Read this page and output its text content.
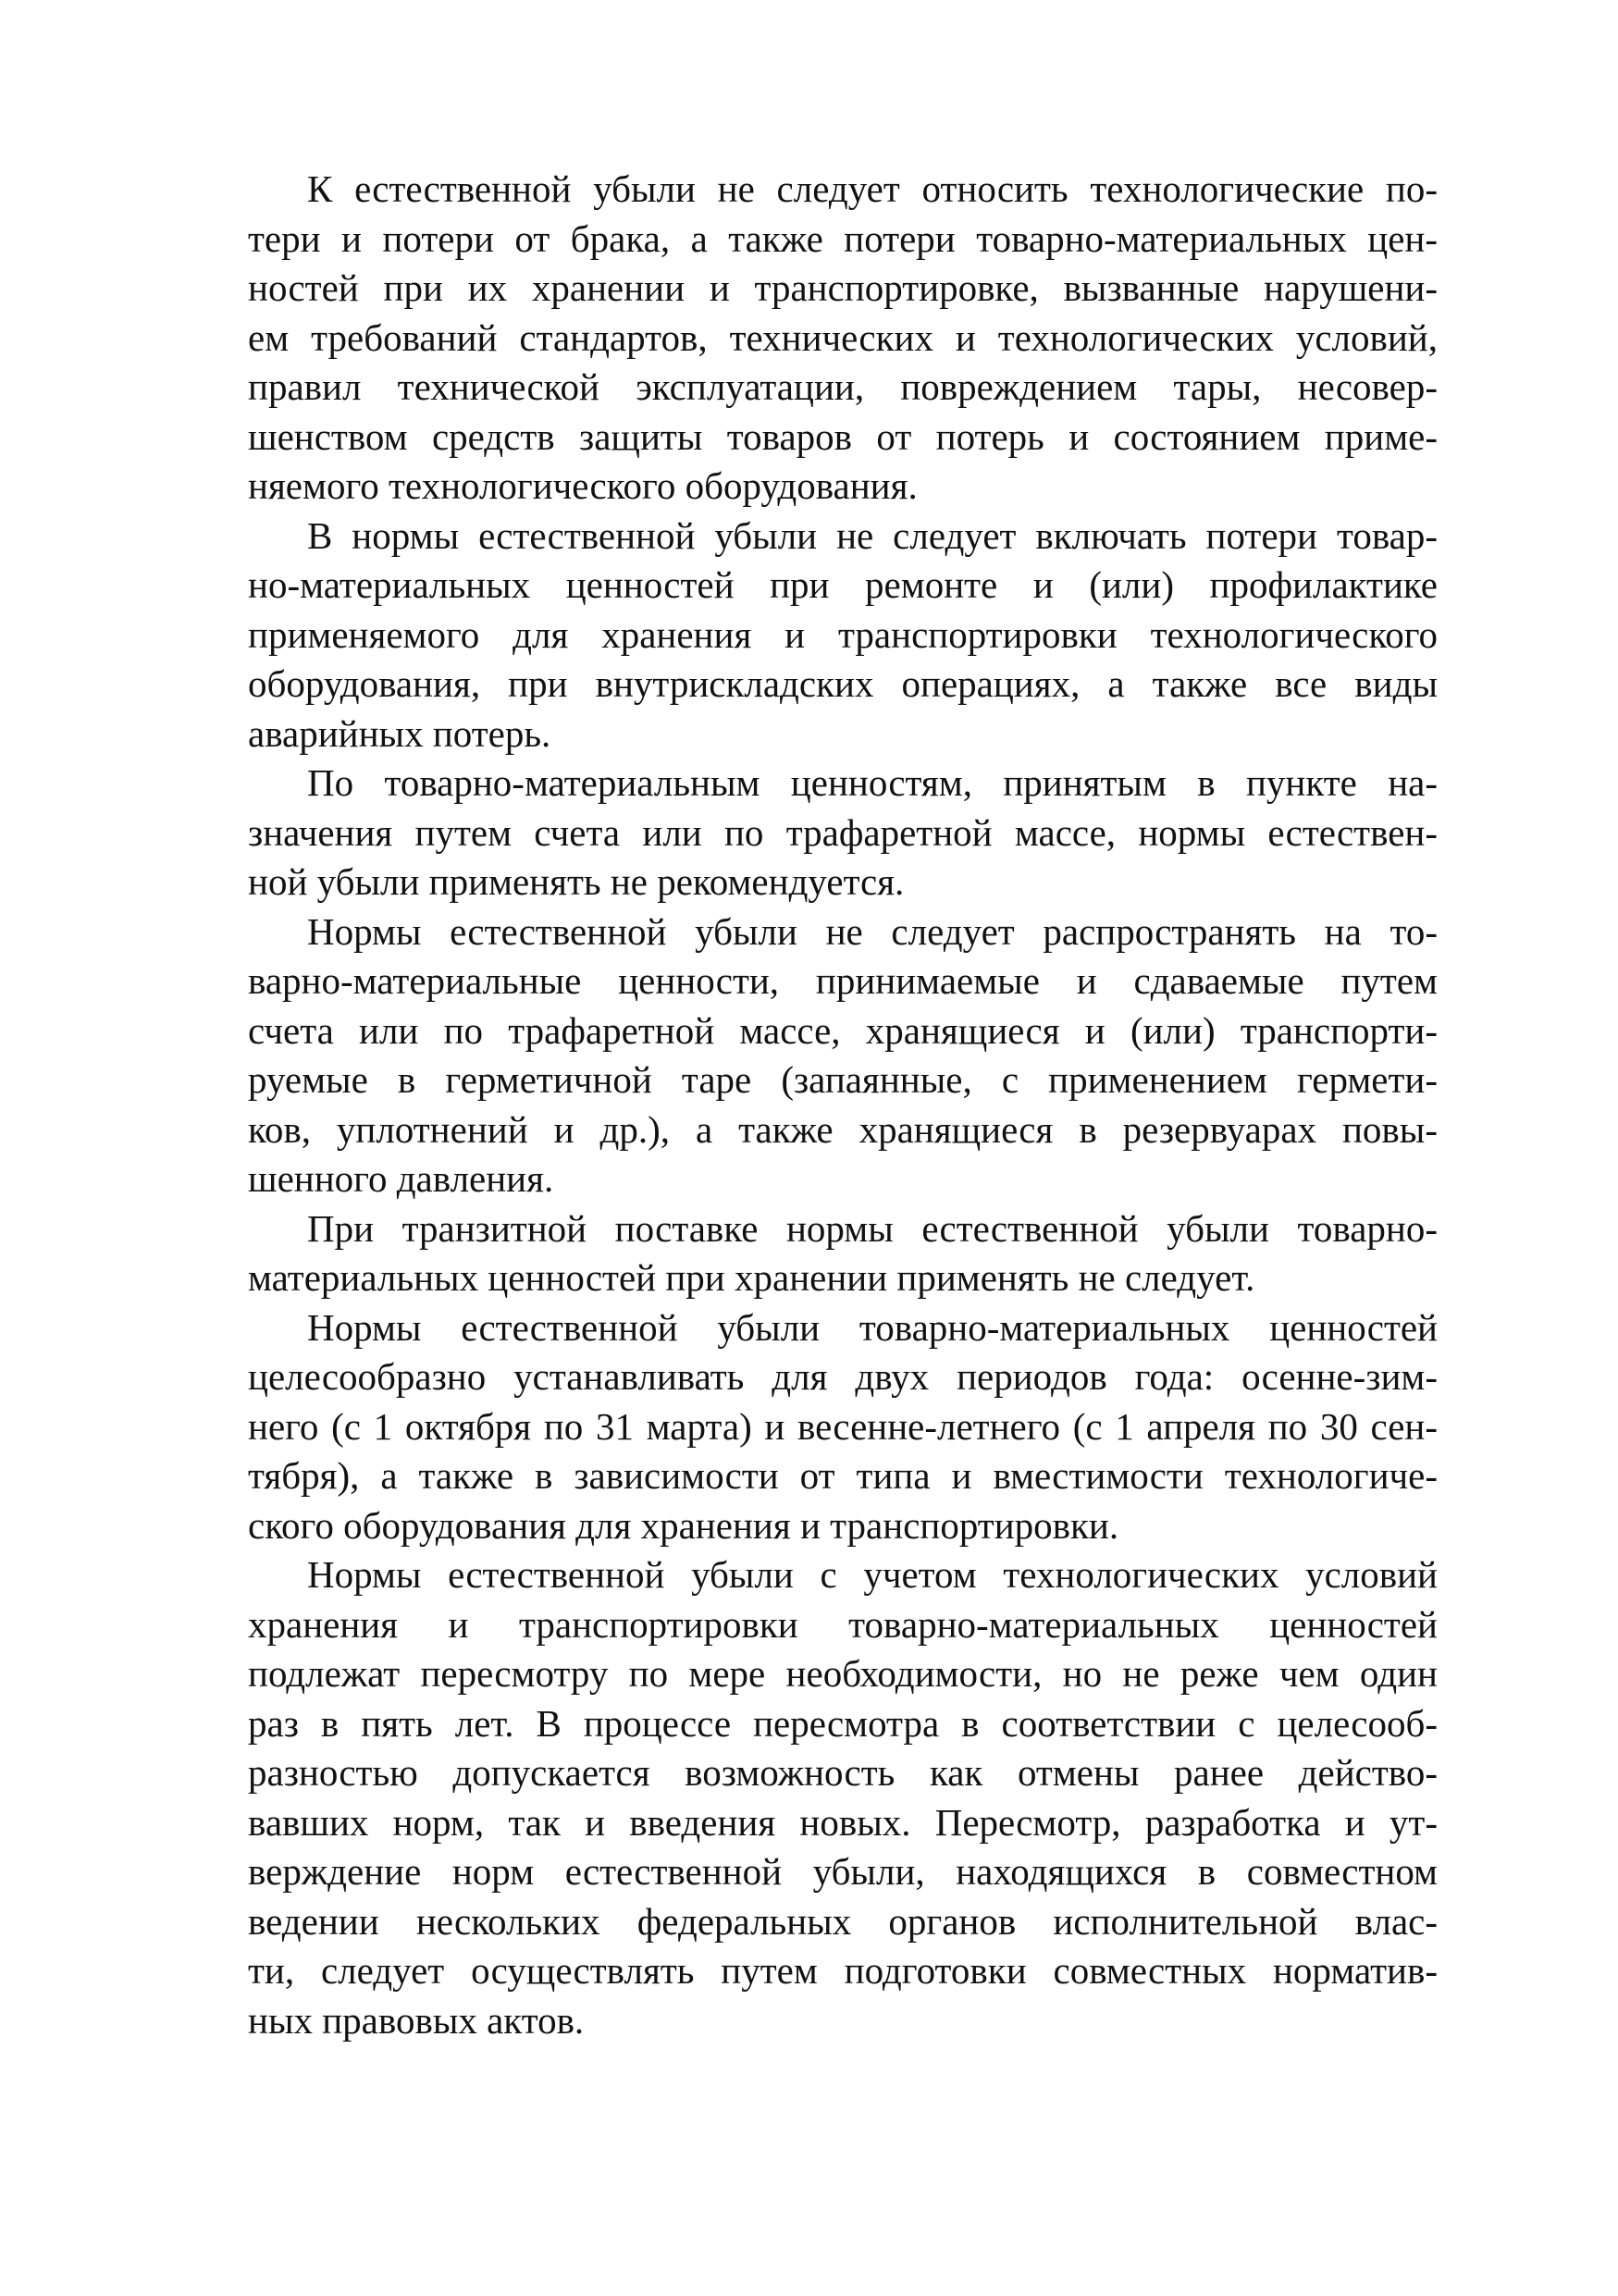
К естественной убыли не следует относить технологические по-
тери и потери от брака, а также потери товарно-материальных цен-
ностей при их хранении и транспортировке, вызванные нарушени-
ем требований стандартов, технических и технологических условий,
правил технической эксплуатации, повреждением тары, несовер-
шенством средств защиты товаров от потерь и состоянием приме-
няемого технологического оборудования.

В нормы естественной убыли не следует включать потери товар-
но-материальных ценностей при ремонте и (или) профилактике
применяемого для хранения и транспортировки технологического
оборудования, при внутрискладских операциях, а также все виды
аварийных потерь.

По товарно-материальным ценностям, принятым в пункте на-
значения путем счета или по трафаретной массе, нормы естествен-
ной убыли применять не рекомендуется.

Нормы естественной убыли не следует распространять на то-
варно-материальные ценности, принимаемые и сдаваемые путем
счета или по трафаретной массе, хранящиеся и (или) транспорти-
руемые в герметичной таре (запаянные, с применением гермети-
ков, уплотнений и др.), а также хранящиеся в резервуарах повы-
шенного давления.

При транзитной поставке нормы естественной убыли товарно-
материальных ценностей при хранении применять не следует.

Нормы естественной убыли товарно-материальных ценностей
целесообразно устанавливать для двух периодов года: осенне-зим-
него (с 1 октября по 31 марта) и весенне-летнего (с 1 апреля по 30 сен-
тября), а также в зависимости от типа и вместимости технологиче-
ского оборудования для хранения и транспортировки.

Нормы естественной убыли с учетом технологических условий
хранения и транспортировки товарно-материальных ценностей
подлежат пересмотру по мере необходимости, но не реже чем один
раз в пять лет. В процессе пересмотра в соответствии с целесооб-
разностью допускается возможность как отмены ранее действо-
вавших норм, так и введения новых. Пересмотр, разработка и ут-
верждение норм естественной убыли, находящихся в совместном
ведении нескольких федеральных органов исполнительной влас-
ти, следует осуществлять путем подготовки совместных норматив-
ных правовых актов.
